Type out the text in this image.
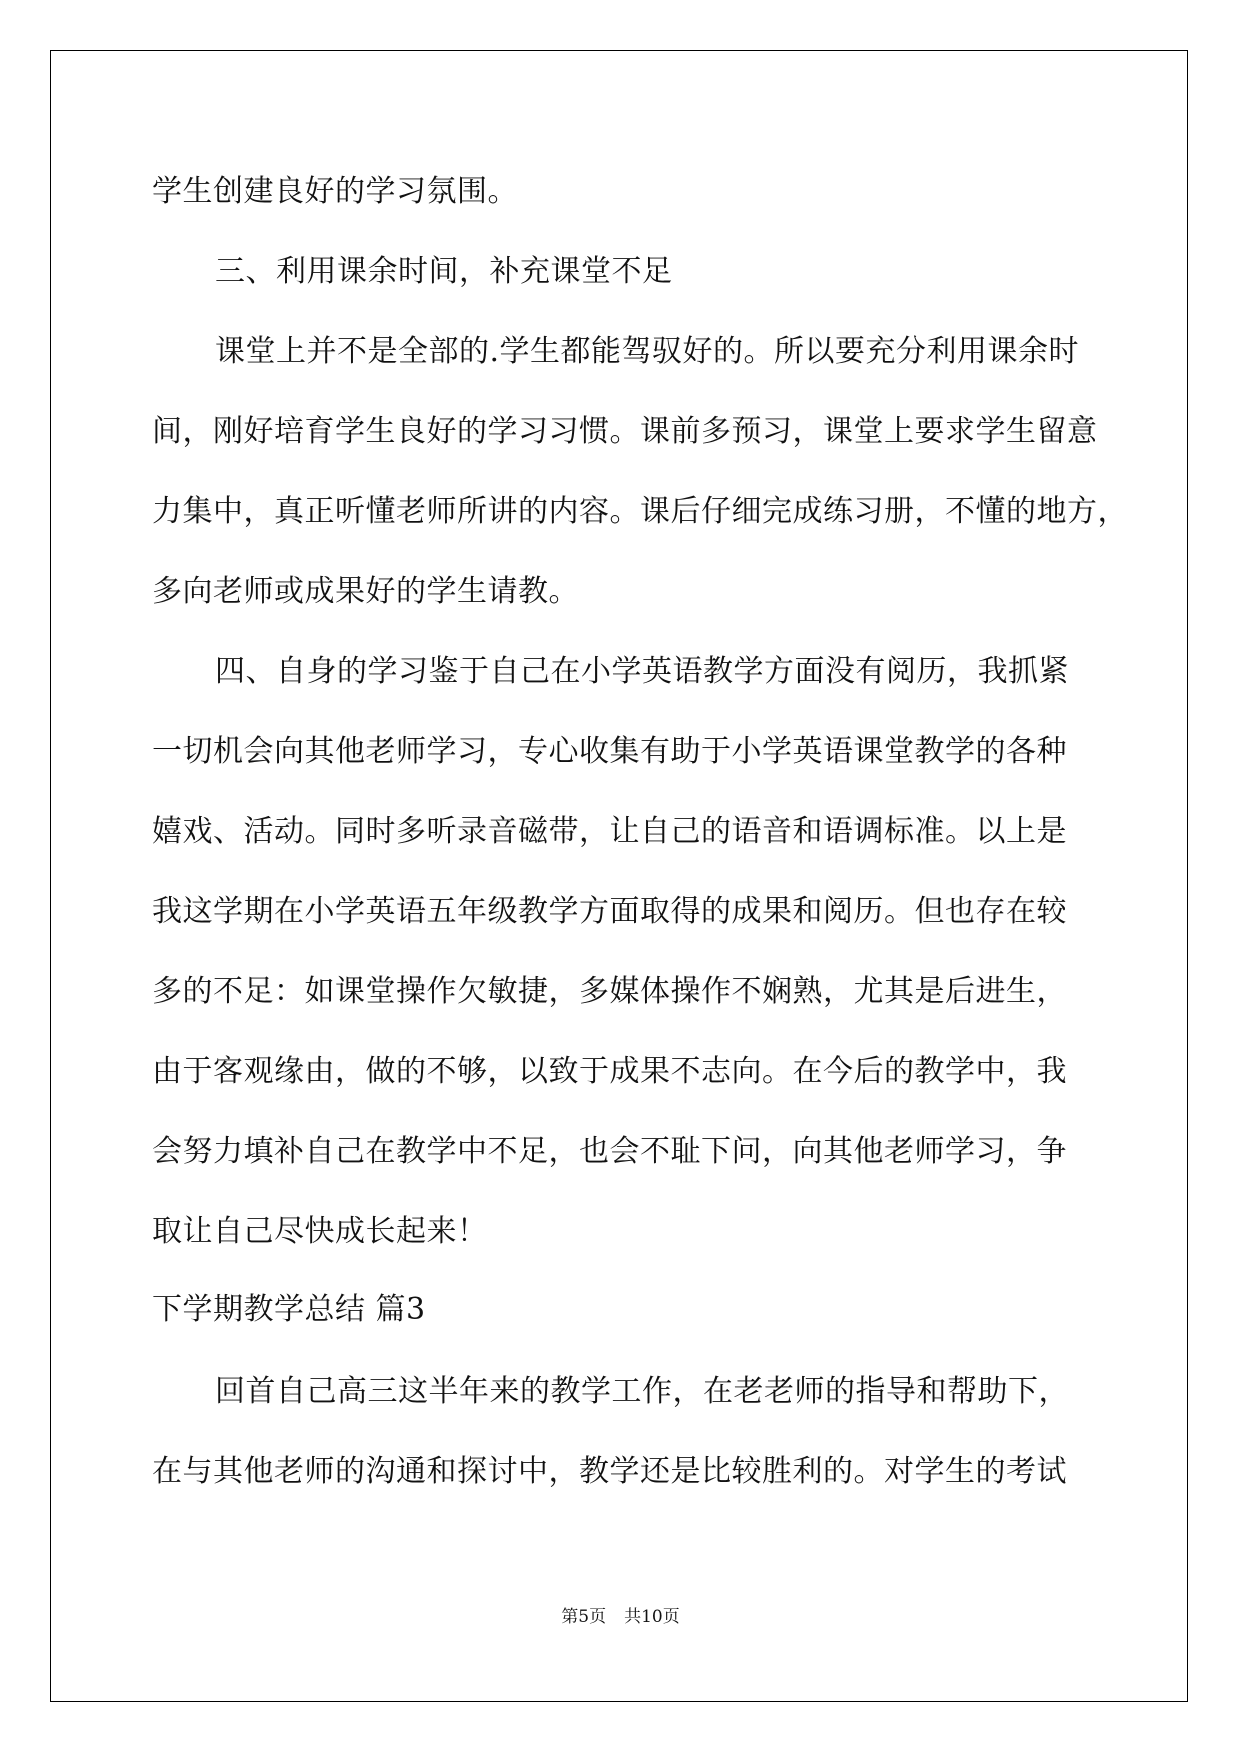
学生创建良好的学习氛围。
三、利用课余时间，补充课堂不足
课堂上并不是全部的.学生都能驾驭好的。所以要充分利用课余时
间，刚好培育学生良好的学习习惯。课前多预习，课堂上要求学生留意
力集中，真正听懂老师所讲的内容。课后仔细完成练习册，不懂的地方，
多向老师或成果好的学生请教。
四、自身的学习鉴于自己在小学英语教学方面没有阅历，我抓紧
一切机会向其他老师学习，专心收集有助于小学英语课堂教学的各种
嬉戏、活动。同时多听录音磁带，让自己的语音和语调标准。以上是
我这学期在小学英语五年级教学方面取得的成果和阅历。但也存在较
多的不足：如课堂操作欠敏捷，多媒体操作不娴熟，尤其是后进生，
由于客观缘由，做的不够，以致于成果不志向。在今后的教学中，我
会努力填补自己在教学中不足，也会不耻下问，向其他老师学习，争
取让自己尽快成长起来！
下学期教学总结 篇3
回首自己高三这半年来的教学工作，在老老师的指导和帮助下，
在与其他老师的沟通和探讨中，教学还是比较胜利的。对学生的考试
第5页 共10页
